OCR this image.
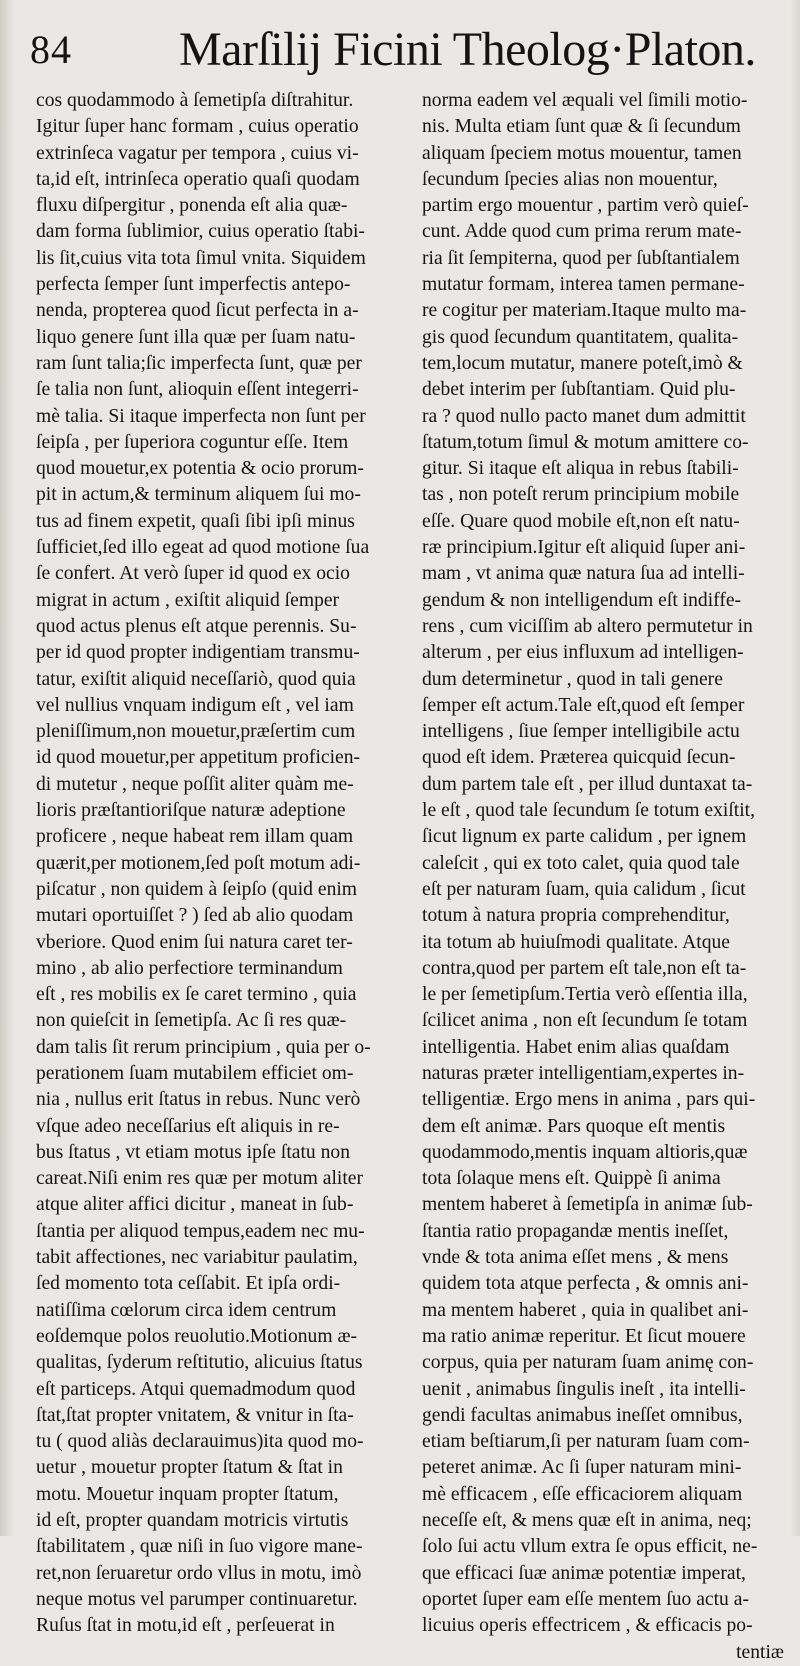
84 Marſilij Ficini Theolog·Platon.
cos quodammodo à ſemetipſa diſtrahitur.
Igitur ſuper hanc formam , cuius operatio
extrinſeca vagatur per tempora , cuius vi-
ta,id eſt, intrinſeca operatio quaſi quodam
fluxu diſpergitur , ponenda eſt alia quæ-
dam forma ſublimior, cuius operatio ſtabi-
lis ſit,cuius vita tota ſimul vnita. Siquidem
perfecta ſemper ſunt imperfectis antepo-
nenda, propterea quod ſicut perfecta in a-
liquo genere ſunt illa quæ per ſuam natu-
ram ſunt talia;ſic imperfecta ſunt, quæ per
ſe talia non ſunt, alioquin eſſent integerri-
mè talia. Si itaque imperfecta non ſunt per
ſeipſa , per ſuperiora coguntur eſſe. Item
quod mouetur,ex potentia & ocio prorum-
pit in actum,& terminum aliquem ſui mo-
tus ad finem expetit, quaſi ſibi ipſi minus
ſufficiet,ſed illo egeat ad quod motione ſua
ſe confert. At verò ſuper id quod ex ocio
migrat in actum , exiſtit aliquid ſemper
quod actus plenus eſt atque perennis. Su-
per id quod propter indigentiam transmu-
tatur, exiſtit aliquid neceſſariò, quod quia
vel nullius vnquam indigum eſt , vel iam
pleniſſimum,non mouetur,præſertim cum
id quod mouetur,per appetitum proficien-
di mutetur , neque poſſit aliter quàm me-
lioris præſtantioriſque naturæ adeptione
proficere , neque habeat rem illam quam
quærit,per motionem,ſed poſt motum adi-
piſcatur , non quidem à ſeipſo (quid enim
mutari oportuiſſet ? ) ſed ab alio quodam
vberiore. Quod enim ſui natura caret ter-
mino , ab alio perfectiore terminandum
eſt , res mobilis ex ſe caret termino , quia
non quieſcit in ſemetipſa. Ac ſi res quæ-
dam talis ſit rerum principium , quia per o-
perationem ſuam mutabilem efficiet om-
nia , nullus erit ſtatus in rebus. Nunc verò
vſque adeo neceſſarius eſt aliquis in re-
bus ſtatus , vt etiam motus ipſe ſtatu non
careat.Niſi enim res quæ per motum aliter
atque aliter affici dicitur , maneat in ſub-
ſtantia per aliquod tempus,eadem nec mu-
tabit affectiones, nec variabitur paulatim,
ſed momento tota ceſſabit. Et ipſa ordi-
natiſſima cœlorum circa idem centrum
eoſdemque polos reuolutio.Motionum æ-
qualitas, ſyderum reſtitutio, alicuius ſtatus
eſt particeps. Atqui quemadmodum quod
ſtat,ſtat propter vnitatem, & vnitur in ſta-
tu ( quod aliàs declarauimus)ita quod mo-
uetur , mouetur propter ſtatum & ſtat in
motu. Mouetur inquam propter ſtatum,
id eſt, propter quandam motricis virtutis
ſtabilitatem , quæ niſi in ſuo vigore mane-
ret,non ſeruaretur ordo vllus in motu, imò
neque motus vel parumper continuaretur.
Ruſus ſtat in motu,id eſt , perſeuerat in
norma eadem vel æquali vel ſimili motio-
nis. Multa etiam ſunt quæ & ſi ſecundum
aliquam ſpeciem motus mouentur, tamen
ſecundum ſpecies alias non mouentur,
partim ergo mouentur , partim verò quieſ-
cunt. Adde quod cum prima rerum mate-
ria ſit ſempiterna, quod per ſubſtantialem
mutatur formam, interea tamen permane-
re cogitur per materiam.Itaque multo ma-
gis quod ſecundum quantitatem, qualita-
tem,locum mutatur, manere poteſt,imò &
debet interim per ſubſtantiam. Quid plu-
ra ? quod nullo pacto manet dum admittit
ſtatum,totum ſimul & motum amittere co-
gitur. Si itaque eſt aliqua in rebus ſtabili-
tas , non poteſt rerum principium mobile
eſſe. Quare quod mobile eſt,non eſt natu-
ræ principium.Igitur eſt aliquid ſuper ani-
mam , vt anima quæ natura ſua ad intelli-
gendum & non intelligendum eſt indiffe-
rens , cum viciſſim ab altero permutetur in
alterum , per eius influxum ad intelligen-
dum determinetur , quod in tali genere
ſemper eſt actum.Tale eſt,quod eſt ſemper
intelligens , ſiue ſemper intelligibile actu
quod eſt idem. Præterea quicquid ſecun-
dum partem tale eſt , per illud duntaxat ta-
le eſt , quod tale ſecundum ſe totum exiſtit,
ſicut lignum ex parte calidum , per ignem
caleſcit , qui ex toto calet, quia quod tale
eſt per naturam ſuam, quia calidum , ſicut
totum à natura propria comprehenditur,
ita totum ab huiuſmodi qualitate. Atque
contra,quod per partem eſt tale,non eſt ta-
le per ſemetipſum.Tertia verò eſſentia illa,
ſcilicet anima , non eſt ſecundum ſe totam
intelligentia. Habet enim alias quaſdam
naturas præter intelligentiam,expertes in-
telligentiæ. Ergo mens in anima , pars qui-
dem eſt animæ. Pars quoque eſt mentis
quodammodo,mentis inquam altioris,quæ
tota ſolaque mens eſt. Quippè ſi anima
mentem haberet à ſemetipſa in animæ ſub-
ſtantia ratio propagandæ mentis ineſſet,
vnde & tota anima eſſet mens , & mens
quidem tota atque perfecta , & omnis ani-
ma mentem haberet , quia in qualibet ani-
ma ratio animæ reperitur. Et ſicut mouere
corpus, quia per naturam ſuam animę con-
uenit , animabus ſingulis ineſt , ita intelli-
gendi facultas animabus ineſſet omnibus,
etiam beſtiarum,ſi per naturam ſuam com-
peteret animæ. Ac ſi ſuper naturam mini-
mè efficacem , eſſe efficaciorem aliquam
neceſſe eſt, & mens quæ eſt in anima, neq;
ſolo ſui actu vllum extra ſe opus efficit, ne-
que efficaci ſuæ animæ potentiæ imperat,
oportet ſuper eam eſſe mentem ſuo actu a-
licuius operis effectricem , & efficacis po-
tentiæ
